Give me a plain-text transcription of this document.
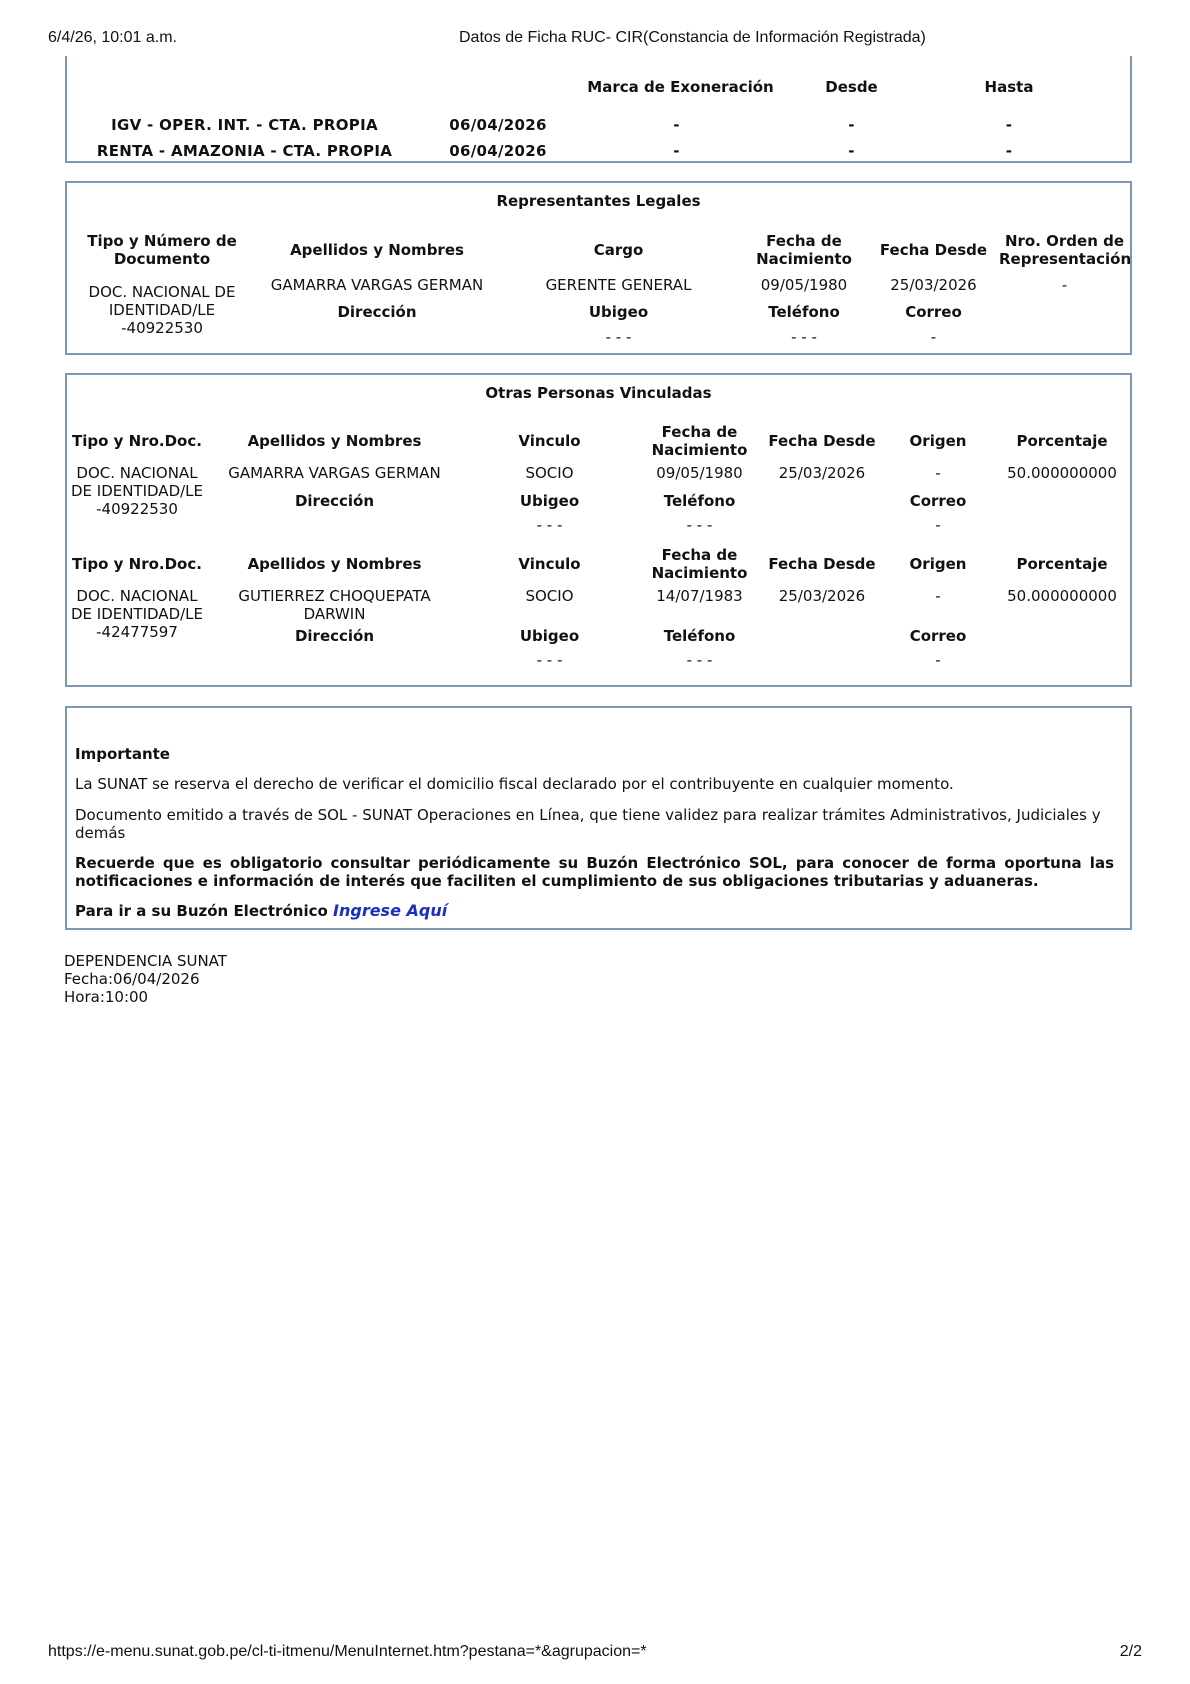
6/4/26, 10:01 a.m.	Datos de Ficha RUC- CIR(Constancia de Información Registrada)
		Marca de Exoneración	Desde	Hasta
IGV - OPER. INT. - CTA. PROPIA	06/04/2026	-	-	-
RENTA - AMAZONIA - CTA. PROPIA	06/04/2026	-	-	-
Representantes Legales
Tipo y Número de Documento	Apellidos y Nombres	Cargo	Fecha de Nacimiento	Fecha Desde	Nro. Orden de Representación
DOC. NACIONAL DE IDENTIDAD/LE -40922530	GAMARRA VARGAS GERMAN	GERENTE GENERAL	09/05/1980	25/03/2026	-
	Dirección	Ubigeo	Teléfono	Correo	
		- - -	- - -	-	
Otras Personas Vinculadas
Tipo y Nro.Doc.	Apellidos y Nombres	Vinculo	Fecha de Nacimiento	Fecha Desde	Origen	Porcentaje
DOC. NACIONAL DE IDENTIDAD/LE -40922530	GAMARRA VARGAS GERMAN	SOCIO	09/05/1980	25/03/2026	-	50.000000000
	Dirección	Ubigeo	Teléfono		Correo	
		- - -	- - -		-	
Tipo y Nro.Doc.	Apellidos y Nombres	Vinculo	Fecha de Nacimiento	Fecha Desde	Origen	Porcentaje
DOC. NACIONAL DE IDENTIDAD/LE -42477597	GUTIERREZ CHOQUEPATA DARWIN	SOCIO	14/07/1983	25/03/2026	-	50.000000000
	Dirección	Ubigeo	Teléfono		Correo	
		- - -	- - -		-	

Importante

La SUNAT se reserva el derecho de verificar el domicilio fiscal declarado por el contribuyente en cualquier momento.

Documento emitido a través de SOL - SUNAT Operaciones en Línea, que tiene validez para realizar trámites Administrativos, Judiciales y demás

Recuerde que es obligatorio consultar periódicamente su Buzón Electrónico SOL, para conocer de forma oportuna las notificaciones e información de interés que faciliten el cumplimiento de sus obligaciones tributarias y aduaneras.

Para ir a su Buzón Electrónico Ingrese Aquí

DEPENDENCIA SUNAT
Fecha:06/04/2026
Hora:10:00
https://e-menu.sunat.gob.pe/cl-ti-itmenu/MenuInternet.htm?pestana=*&agrupacion=*	2/2
